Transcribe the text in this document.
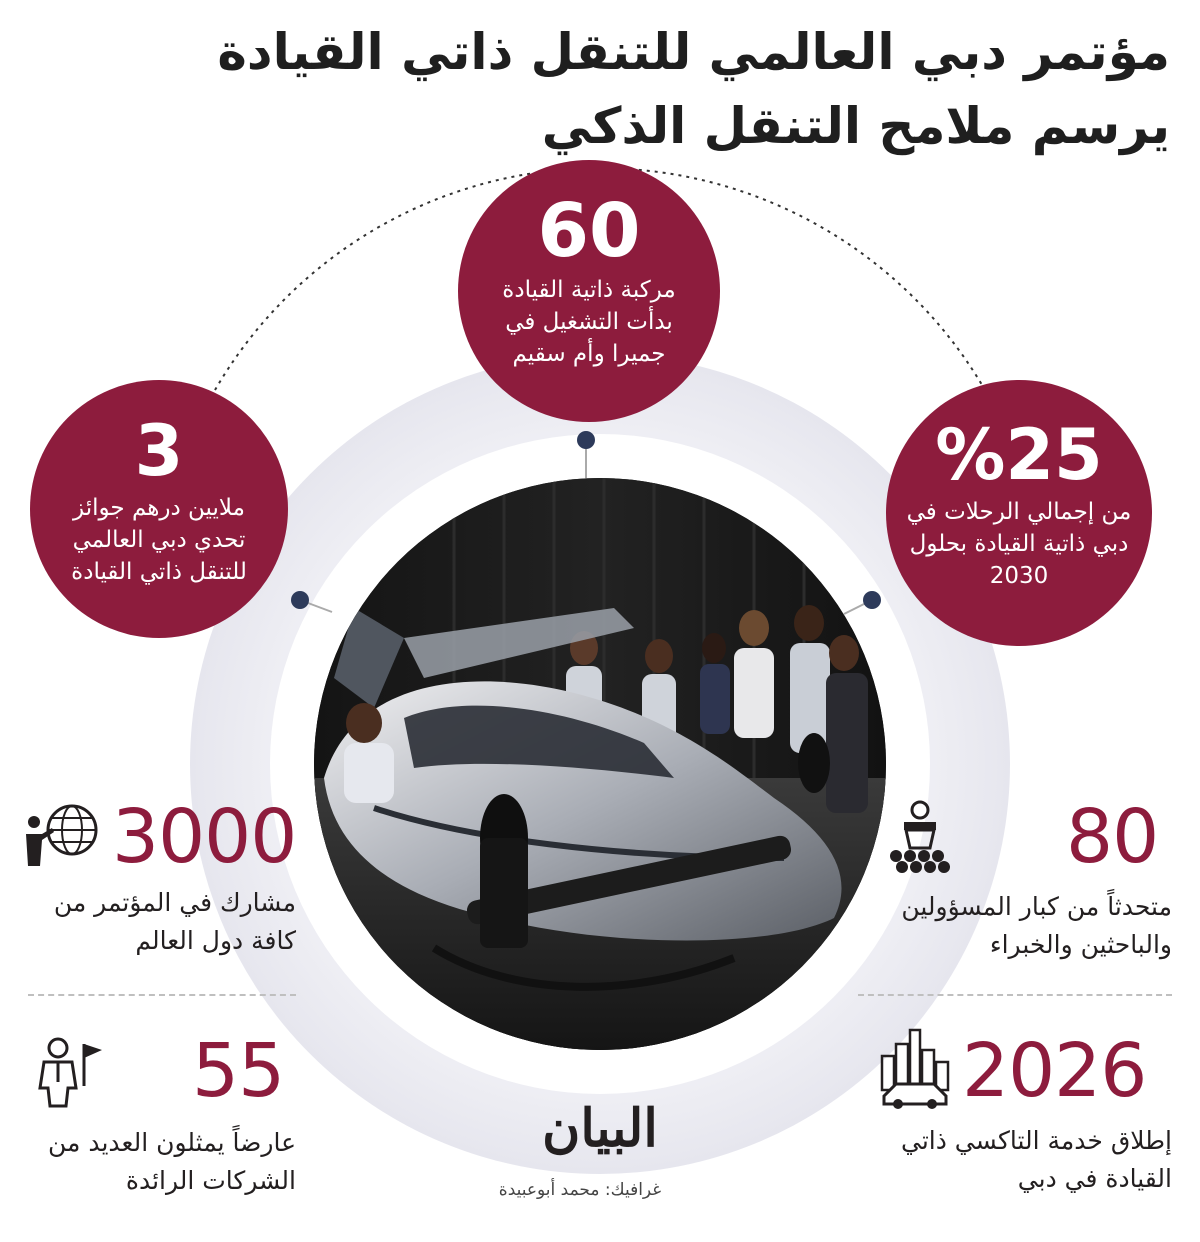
مؤتمر دبي العالمي للتنقل ذاتي القيادة
يرسم ملامح التنقل الذكي
60
مركبة ذاتية القيادة بدأت التشغيل في جميرا وأم سقيم
3
ملايين درهم جوائز تحدي دبي العالمي للتنقل ذاتي القيادة
%25
من إجمالي الرحلات في دبي ذاتية القيادة بحلول 2030
3000
مشارك في المؤتمر من كافة دول العالم
55
عارضاً يمثلون العديد من الشركات الرائدة
80
متحدثاً من كبار المسؤولين والباحثين والخبراء
2026
إطلاق خدمة التاكسي ذاتي القيادة في دبي
البيان
غرافيك: محمد أبوعبيدة
